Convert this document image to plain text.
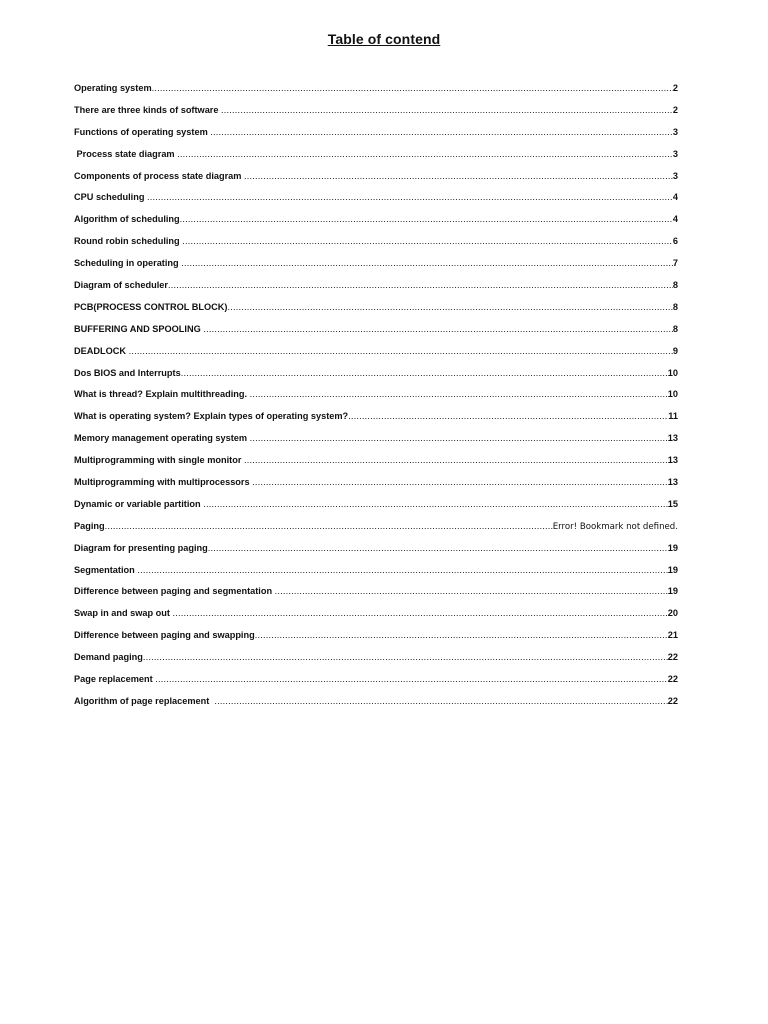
Table of contend
Operating system .....	2
There are three kinds of software .....	2
Functions of operating system .....	3
Process state diagram .....	3
Components of process state diagram .....	3
CPU scheduling .....	4
Algorithm of scheduling .....	4
Round robin scheduling .....	6
Scheduling in operating .....	7
Diagram of scheduler .....	8
PCB(PROCESS CONTROL BLOCK) .....	8
BUFFERING AND SPOOLING .....	8
DEADLOCK .....	9
Dos BIOS and Interrupts .....	10
What is thread? Explain multithreading. .....	10
What is operating system? Explain types of operating system? .....	11
Memory management operating system .....	13
Multiprogramming with single monitor .....	13
Multiprogramming with multiprocessors .....	13
Dynamic or variable partition .....	15
Paging .....	Error! Bookmark not defined.
Diagram for presenting paging .....	19
Segmentation .....	19
Difference between paging and segmentation .....	19
Swap in and swap out .....	20
Difference between paging and swapping .....	21
Demand paging .....	22
Page replacement .....	22
Algorithm of page replacement .....	22
